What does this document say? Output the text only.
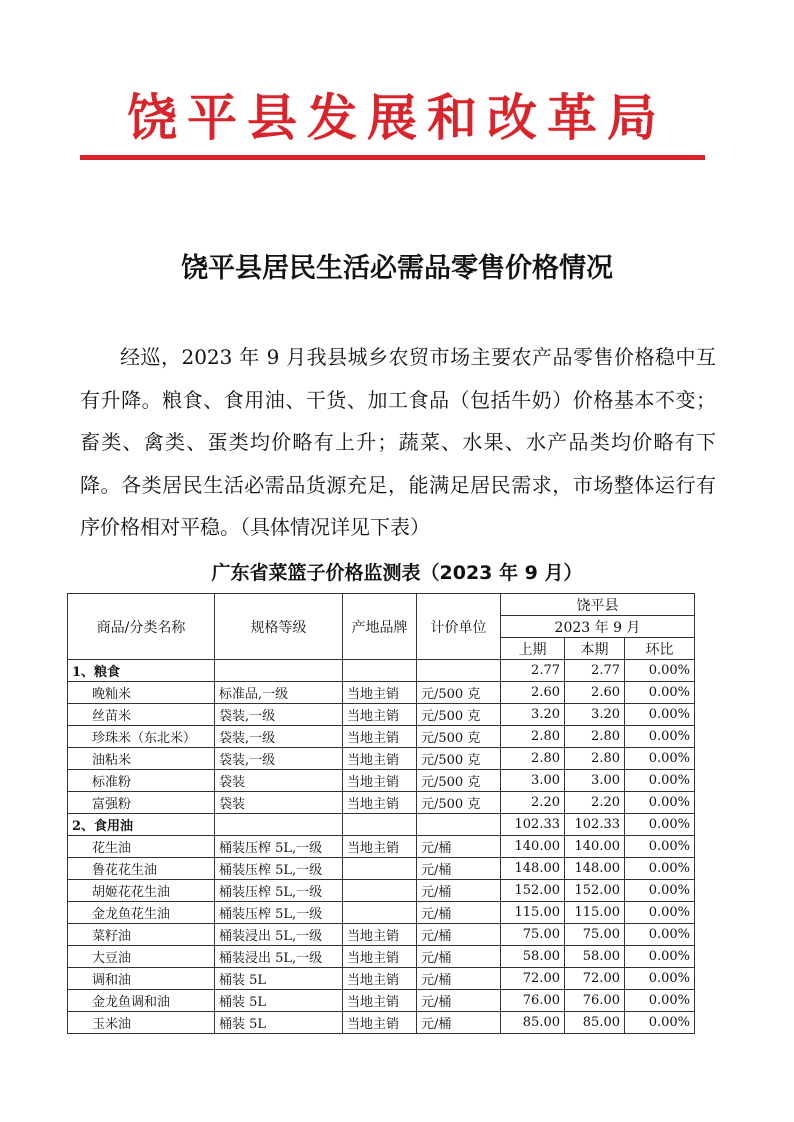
饶平县发展和改革局
饶平县居民生活必需品零售价格情况
经巡，2023 年 9 月我县城乡农贸市场主要农产品零售价格稳中互有升降。粮食、食用油、干货、加工食品（包括牛奶）价格基本不变；畜类、禽类、蛋类均价略有上升；蔬菜、水果、水产品类均价略有下降。各类居民生活必需品货源充足，能满足居民需求，市场整体运行有序价格相对平稳。（具体情况详见下表）
广东省菜篮子价格监测表（2023 年 9 月）
商品/分类名称	规格等级	产地品牌	计价单位	饶平县		
				2023 年 9 月		
				上期	本期	环比
1、粮食				2.77	2.77	0.00%
晚籼米	标准品,一级	当地主销	元/500 克	2.60	2.60	0.00%
丝苗米	袋装,一级	当地主销	元/500 克	3.20	3.20	0.00%
珍珠米（东北米）	袋装,一级	当地主销	元/500 克	2.80	2.80	0.00%
油粘米	袋装,一级	当地主销	元/500 克	2.80	2.80	0.00%
标准粉	袋装	当地主销	元/500 克	3.00	3.00	0.00%
富强粉	袋装	当地主销	元/500 克	2.20	2.20	0.00%
2、食用油				102.33	102.33	0.00%
花生油	桶装压榨 5L,一级	当地主销	元/桶	140.00	140.00	0.00%
鲁花花生油	桶装压榨 5L,一级		元/桶	148.00	148.00	0.00%
胡姬花花生油	桶装压榨 5L,一级		元/桶	152.00	152.00	0.00%
金龙鱼花生油	桶装压榨 5L,一级		元/桶	115.00	115.00	0.00%
菜籽油	桶装浸出 5L,一级	当地主销	元/桶	75.00	75.00	0.00%
大豆油	桶装浸出 5L,一级	当地主销	元/桶	58.00	58.00	0.00%
调和油	桶装 5L	当地主销	元/桶	72.00	72.00	0.00%
金龙鱼调和油	桶装 5L	当地主销	元/桶	76.00	76.00	0.00%
玉米油	桶装 5L	当地主销	元/桶	85.00	85.00	0.00%
